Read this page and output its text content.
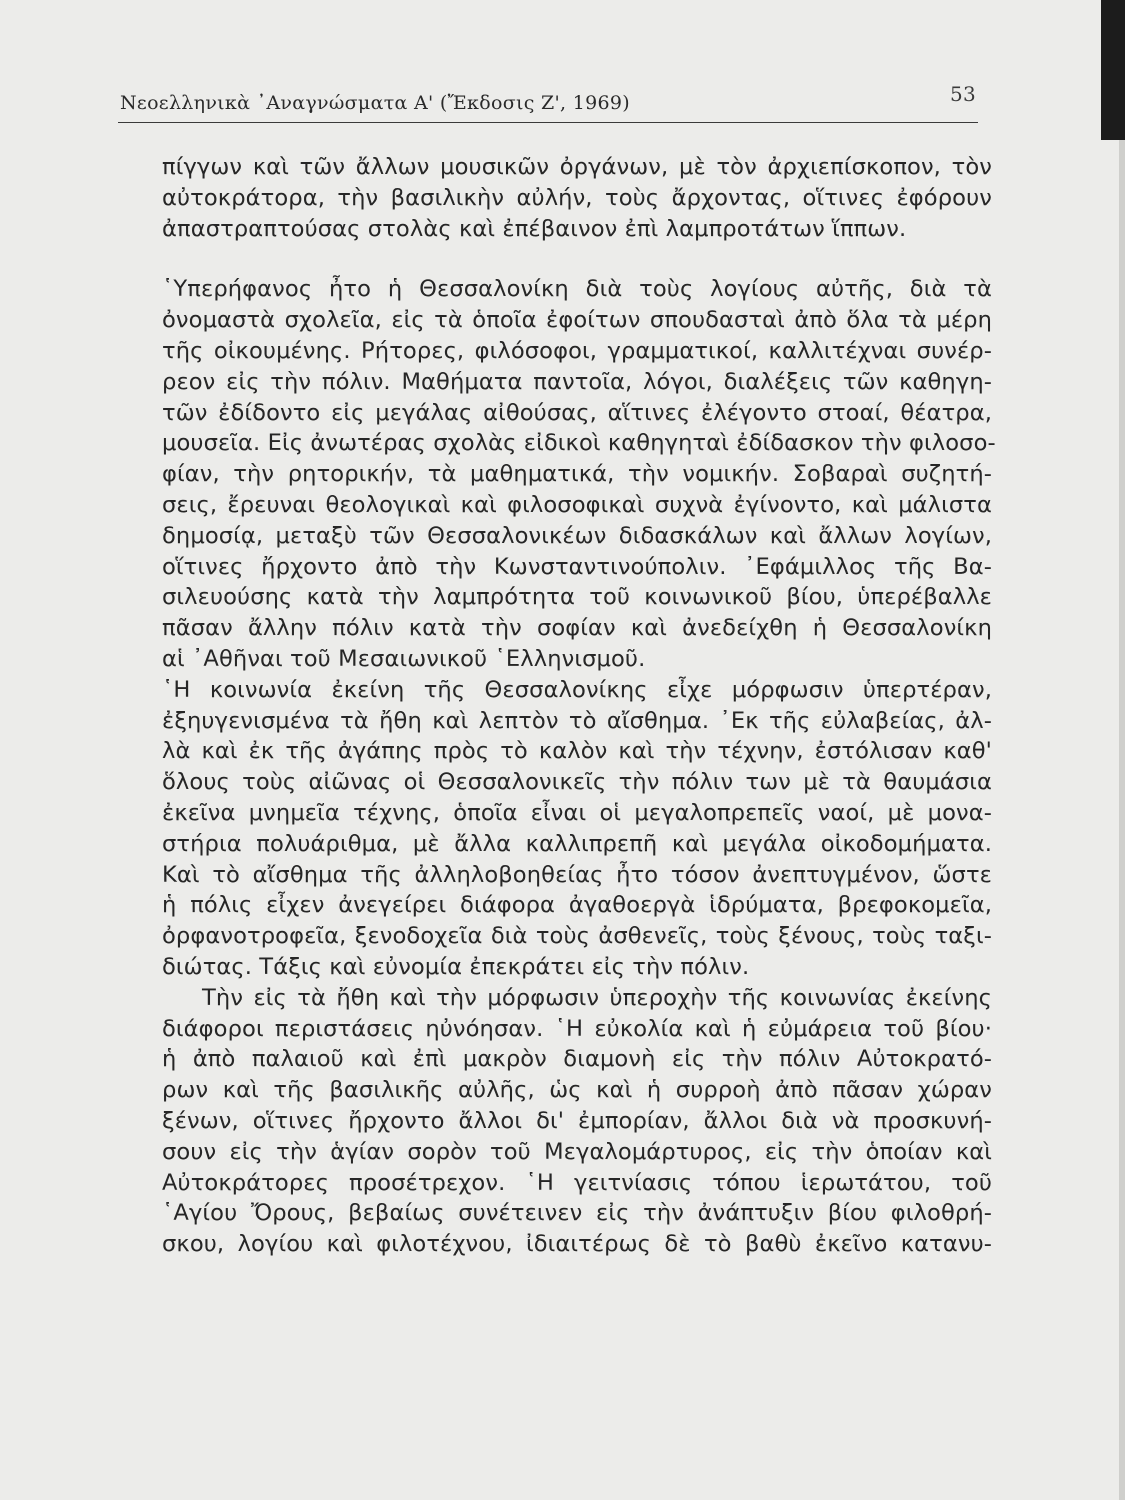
Νεοελληνικὰ ᾿Αναγνώσματα Α' (Ἔκδοσις Ζ', 1969)	53

πίγγων καὶ τῶν ἄλλων μουσικῶν ὀργάνων, μὲ τὸν ἀρχιεπίσκοπον, τὸν
αὐτοκράτορα, τὴν βασιλικὴν αὐλήν, τοὺς ἄρχοντας, οἵτινες ἐφόρουν
ἀπαστραπτούσας στολὰς καὶ ἐπέβαινον ἐπὶ λαμπροτάτων ἵππων.

῾Υπερήφανος ἦτο ἡ Θεσσαλονίκη διὰ τοὺς λογίους αὐτῆς, διὰ τὰ
ὀνομαστὰ σχολεῖα, εἰς τὰ ὁποῖα ἐφοίτων σπουδασταὶ ἀπὸ ὅλα τὰ μέρη
τῆς οἰκουμένης. Ρήτορες, φιλόσοφοι, γραμματικοί, καλλιτέχναι συνέρ-
ρεον εἰς τὴν πόλιν. Μαθήματα παντοῖα, λόγοι, διαλέξεις τῶν καθηγη-
τῶν ἐδίδοντο εἰς μεγάλας αἰθούσας, αἵτινες ἐλέγοντο στοαί, θέατρα,
μουσεῖα. Εἰς ἀνωτέρας σχολὰς εἰδικοὶ καθηγηταὶ ἐδίδασκον τὴν φιλοσο-
φίαν, τὴν ρητορικήν, τὰ μαθηματικά, τὴν νομικήν. Σοβαραὶ συζητή-
σεις, ἔρευναι θεολογικαὶ καὶ φιλοσοφικαὶ συχνὰ ἐγίνοντο, καὶ μάλιστα
δημοσίᾳ, μεταξὺ τῶν Θεσσαλονικέων διδασκάλων καὶ ἄλλων λογίων,
οἵτινες ἤρχοντο ἀπὸ τὴν Κωνσταντινούπολιν. ᾿Εφάμιλλος τῆς Βα-
σιλευούσης κατὰ τὴν λαμπρότητα τοῦ κοινωνικοῦ βίου, ὑπερέβαλλε
πᾶσαν ἄλλην πόλιν κατὰ τὴν σοφίαν καὶ ἀνεδείχθη ἡ Θεσσαλονίκη
αἱ ᾿Αθῆναι τοῦ Μεσαιωνικοῦ ῾Ελληνισμοῦ.

῾Η κοινωνία ἐκείνη τῆς Θεσσαλονίκης εἶχε μόρφωσιν ὑπερτέραν,
ἐξηυγενισμένα τὰ ἤθη καὶ λεπτὸν τὸ αἴσθημα. ᾿Εκ τῆς εὐλαβείας, ἀλ-
λὰ καὶ ἐκ τῆς ἀγάπης πρὸς τὸ καλὸν καὶ τὴν τέχνην, ἐστόλισαν καθ'
ὅλους τοὺς αἰῶνας οἱ Θεσσαλονικεῖς τὴν πόλιν των μὲ τὰ θαυμάσια
ἐκεῖνα μνημεῖα τέχνης, ὁποῖα εἶναι οἱ μεγαλοπρεπεῖς ναοί, μὲ μονα-
στήρια πολυάριθμα, μὲ ἄλλα καλλιπρεπῆ καὶ μεγάλα οἰκοδομήματα.
Καὶ τὸ αἴσθημα τῆς ἀλληλοβοηθείας ἦτο τόσον ἀνεπτυγμένον, ὥστε
ἡ πόλις εἶχεν ἀνεγείρει διάφορα ἀγαθοεργὰ ἱδρύματα, βρεφοκομεῖα,
ὀρφανοτροφεῖα, ξενοδοχεῖα διὰ τοὺς ἀσθενεῖς, τοὺς ξένους, τοὺς ταξι-
διώτας. Τάξις καὶ εὐνομία ἐπεκράτει εἰς τὴν πόλιν.

Τὴν εἰς τὰ ἤθη καὶ τὴν μόρφωσιν ὑπεροχὴν τῆς κοινωνίας ἐκείνης
διάφοροι περιστάσεις ηὐνόησαν. ῾Η εὐκολία καὶ ἡ εὐμάρεια τοῦ βίου·
ἡ ἀπὸ παλαιοῦ καὶ ἐπὶ μακρὸν διαμονὴ εἰς τὴν πόλιν Αὐτοκρατό-
ρων καὶ τῆς βασιλικῆς αὐλῆς, ὡς καὶ ἡ συρροὴ ἀπὸ πᾶσαν χώραν
ξένων, οἵτινες ἤρχοντο ἄλλοι δι' ἐμπορίαν, ἄλλοι διὰ νὰ προσκυνή-
σουν εἰς τὴν ἁγίαν σορὸν τοῦ Μεγαλομάρτυρος, εἰς τὴν ὁποίαν καὶ
Αὐτοκράτορες προσέτρεχον. ῾Η γειτνίασις τόπου ἱερωτάτου, τοῦ
῾Αγίου Ὄρους, βεβαίως συνέτεινεν εἰς τὴν ἀνάπτυξιν βίου φιλοθρή-
σκου, λογίου καὶ φιλοτέχνου, ἰδιαιτέρως δὲ τὸ βαθὺ ἐκεῖνο κατανυ-
